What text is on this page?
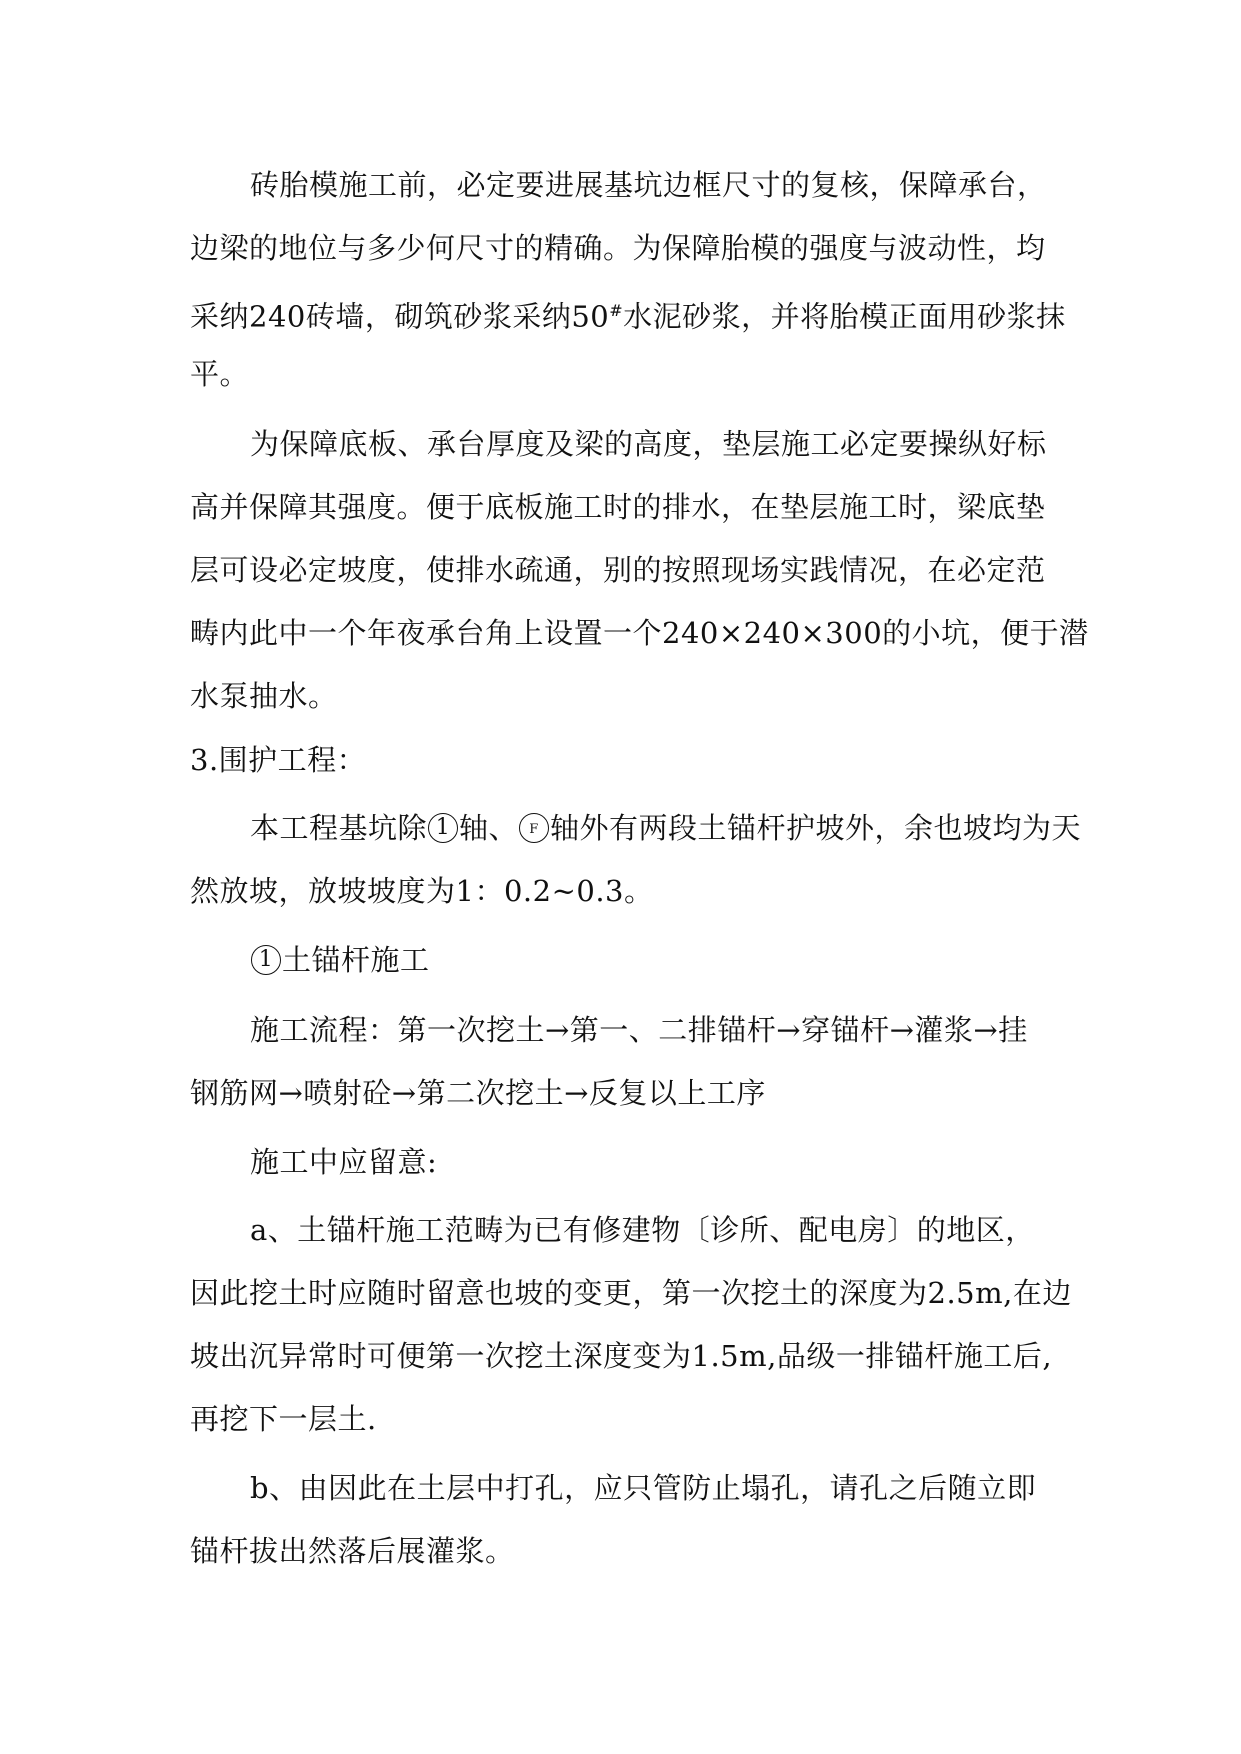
砖胎模施工前，必定要进展基坑边框尺寸的复核，保障承台，
边梁的地位与多少何尺寸的精确。为保障胎模的强度与波动性，均
采纳240砖墙，砌筑砂浆采纳50#水泥砂浆，并将胎模正面用砂浆抹
平。
为保障底板、承台厚度及梁的高度，垫层施工必定要操纵好标
高并保障其强度。便于底板施工时的排水，在垫层施工时，梁底垫
层可设必定坡度，使排水疏通，别的按照现场实践情况，在必定范
畴内此中一个年夜承台角上设置一个240×240×300的小坑，便于潜
水泵抽水。
3.围护工程：
本工程基坑除 1 轴、 F 轴外有两段土锚杆护坡外，余也坡均为天
然放坡，放坡坡度为1：0.2~0.3。
1 土锚杆施工
施工流程：第一次挖土→第一、二排锚杆→穿锚杆→灌浆→挂
钢筋网→喷射砼→第二次挖土→反复以上工序
施工中应留意:
a、土锚杆施工范畴为已有修建物〔诊所、配电房〕的地区，
因此挖土时应随时留意也坡的变更，第一次挖土的深度为2.5m,在边
坡出沉异常时可便第一次挖土深度变为1.5m,品级一排锚杆施工后,
再挖下一层土.
b、由因此在土层中打孔，应只管防止塌孔，请孔之后随立即
锚杆拔出然落后展灌浆。
